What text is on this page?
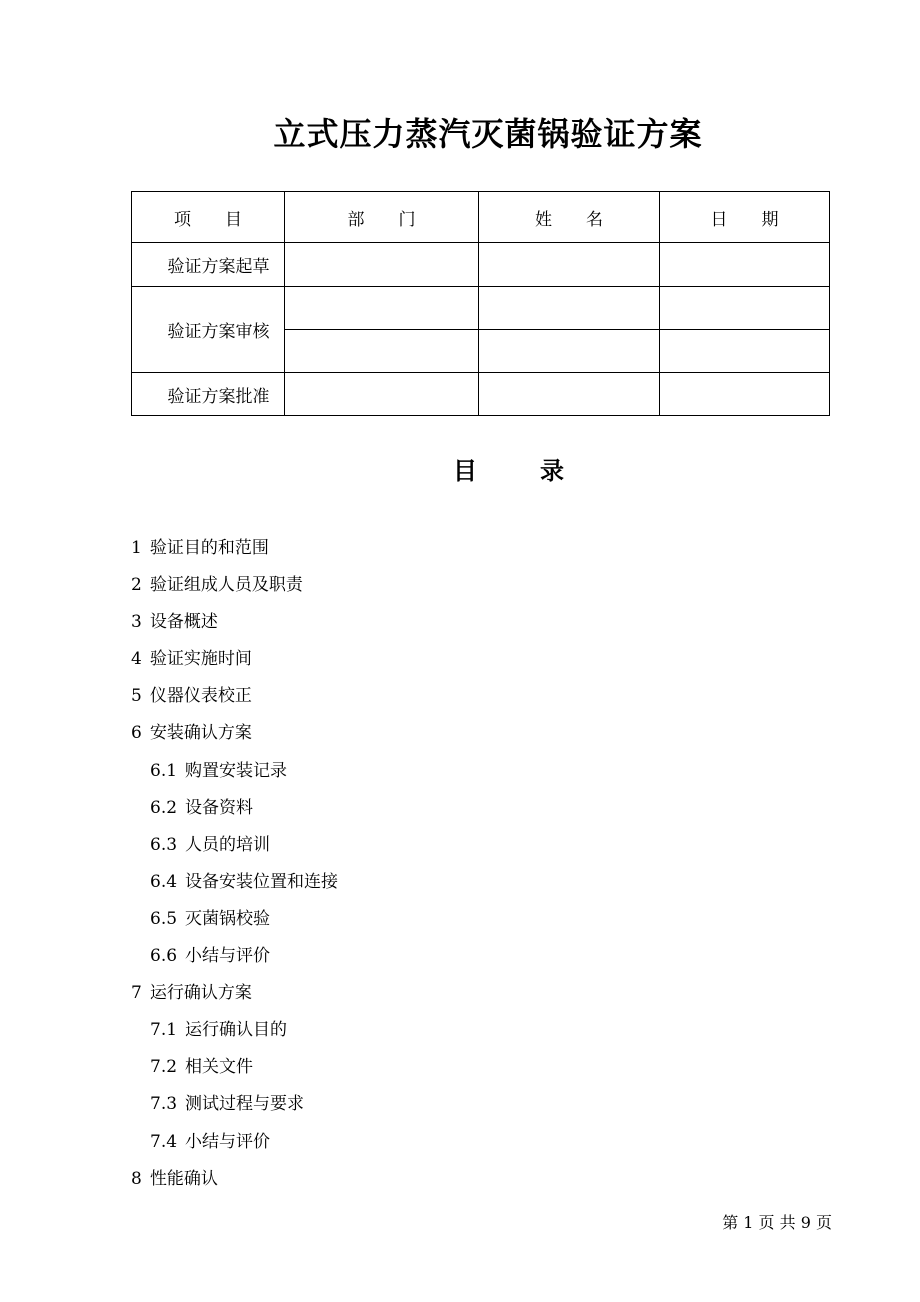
立式压力蒸汽灭菌锅验证方案
项　　目	部　　门	姓　　名	日　　期
验证方案起草			
验证方案审核			

验证方案批准			
目	录
1 验证目的和范围
2 验证组成人员及职责
3 设备概述
4 验证实施时间
5 仪器仪表校正
6 安装确认方案
6.1 购置安装记录
6.2 设备资料
6.3 人员的培训
6.4 设备安装位置和连接
6.5 灭菌锅校验
6.6 小结与评价
7 运行确认方案
7.1 运行确认目的
7.2 相关文件
7.3 测试过程与要求
7.4 小结与评价
8 性能确认
第 1 页 共 9 页
